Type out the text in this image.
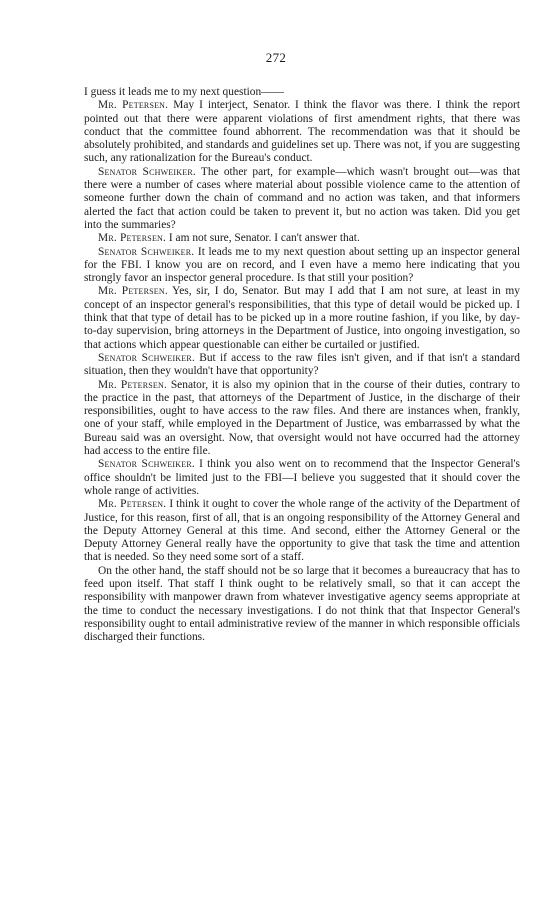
272

I guess it leads me to my next question——

Mr. Petersen. May I interject, Senator. I think the flavor was there. I think the report pointed out that there were apparent violations of first amendment rights, that there was conduct that the committee found abhorrent. The recommendation was that it should be absolutely prohibited, and standards and guidelines set up. There was not, if you are suggesting such, any rationalization for the Bureau's conduct.

Senator Schweiker. The other part, for example—which wasn't brought out—was that there were a number of cases where material about possible violence came to the attention of someone further down the chain of command and no action was taken, and that informers alerted the fact that action could be taken to prevent it, but no action was taken. Did you get into the summaries?

Mr. Petersen. I am not sure, Senator. I can't answer that.

Senator Schweiker. It leads me to my next question about setting up an inspector general for the FBI. I know you are on record, and I even have a memo here indicating that you strongly favor an inspector general procedure. Is that still your position?

Mr. Petersen. Yes, sir, I do, Senator. But may I add that I am not sure, at least in my concept of an inspector general's responsibilities, that this type of detail would be picked up. I think that that type of detail has to be picked up in a more routine fashion, if you like, by day-to-day supervision, bring attorneys in the Department of Justice, into ongoing investigation, so that actions which appear questionable can either be curtailed or justified.

Senator Schweiker. But if access to the raw files isn't given, and if that isn't a standard situation, then they wouldn't have that opportunity?

Mr. Petersen. Senator, it is also my opinion that in the course of their duties, contrary to the practice in the past, that attorneys of the Department of Justice, in the discharge of their responsibilities, ought to have access to the raw files. And there are instances when, frankly, one of your staff, while employed in the Department of Justice, was embarrassed by what the Bureau said was an oversight. Now, that oversight would not have occurred had the attorney had access to the entire file.

Senator Schweiker. I think you also went on to recommend that the Inspector General's office shouldn't be limited just to the FBI—I believe you suggested that it should cover the whole range of activities.

Mr. Petersen. I think it ought to cover the whole range of the activity of the Department of Justice, for this reason, first of all, that is an ongoing responsibility of the Attorney General and the Deputy Attorney General at this time. And second, either the Attorney General or the Deputy Attorney General really have the opportunity to give that task the time and attention that is needed. So they need some sort of a staff.

On the other hand, the staff should not be so large that it becomes a bureaucracy that has to feed upon itself. That staff I think ought to be relatively small, so that it can accept the responsibility with manpower drawn from whatever investigative agency seems appropriate at the time to conduct the necessary investigations. I do not think that that Inspector General's responsibility ought to entail administrative review of the manner in which responsible officials discharged their functions.
